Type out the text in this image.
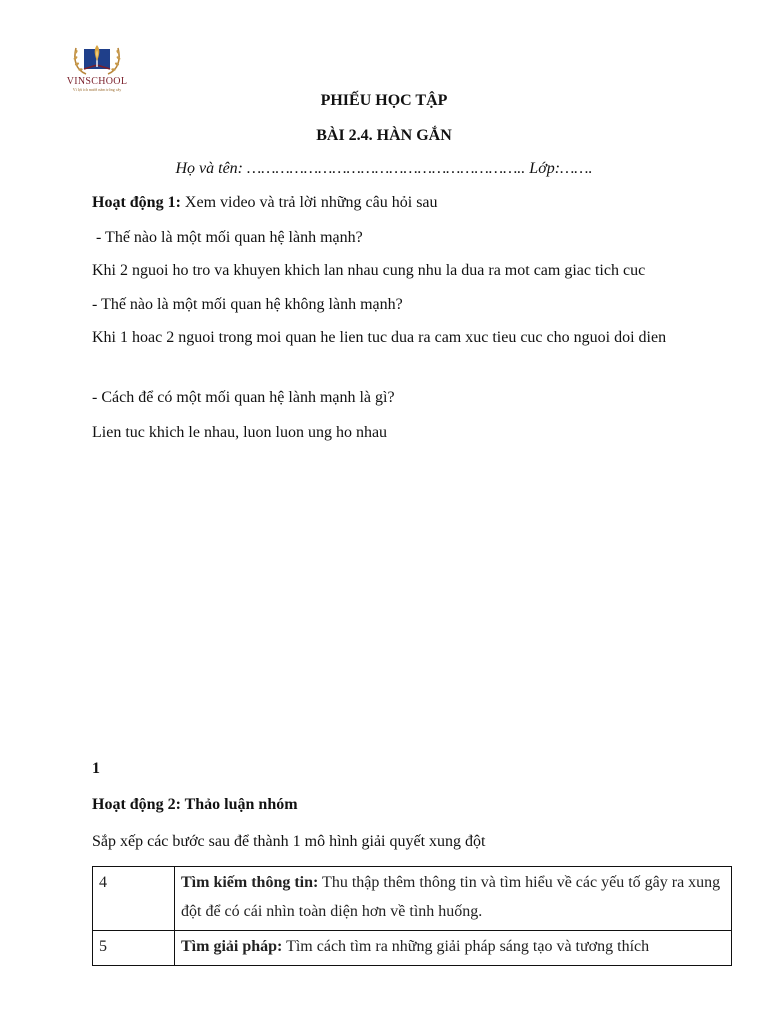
VINSCHOOL
Vì lợi ích mười năm trồng cây
PHIẾU HỌC TẬP
BÀI 2.4. HÀN GẮN
Họ và tên: ………………………………………………….. Lớp:…….
Hoạt động 1: Xem video và trả lời những câu hỏi sau
- Thế nào là một mối quan hệ lành mạnh?
Khi 2 nguoi ho tro va khuyen khich lan nhau cung nhu la dua ra mot cam giac tich cuc
- Thế nào là một mối quan hệ không lành mạnh?
Khi 1 hoac 2 nguoi trong moi quan he lien tuc dua ra cam xuc tieu cuc cho nguoi doi dien
- Cách để có một mối quan hệ lành mạnh là gì?
Lien tuc khich le nhau, luon luon ung ho nhau
1
Hoạt động 2: Thảo luận nhóm
Sắp xếp các bước sau để thành 1 mô hình giải quyết xung đột
4	Tìm kiếm thông tin: Thu thập thêm thông tin và tìm hiểu về các yếu tố gây ra xung đột để có cái nhìn toàn diện hơn về tình huống.
5	Tìm giải pháp: Tìm cách tìm ra những giải pháp sáng tạo và tương thích
